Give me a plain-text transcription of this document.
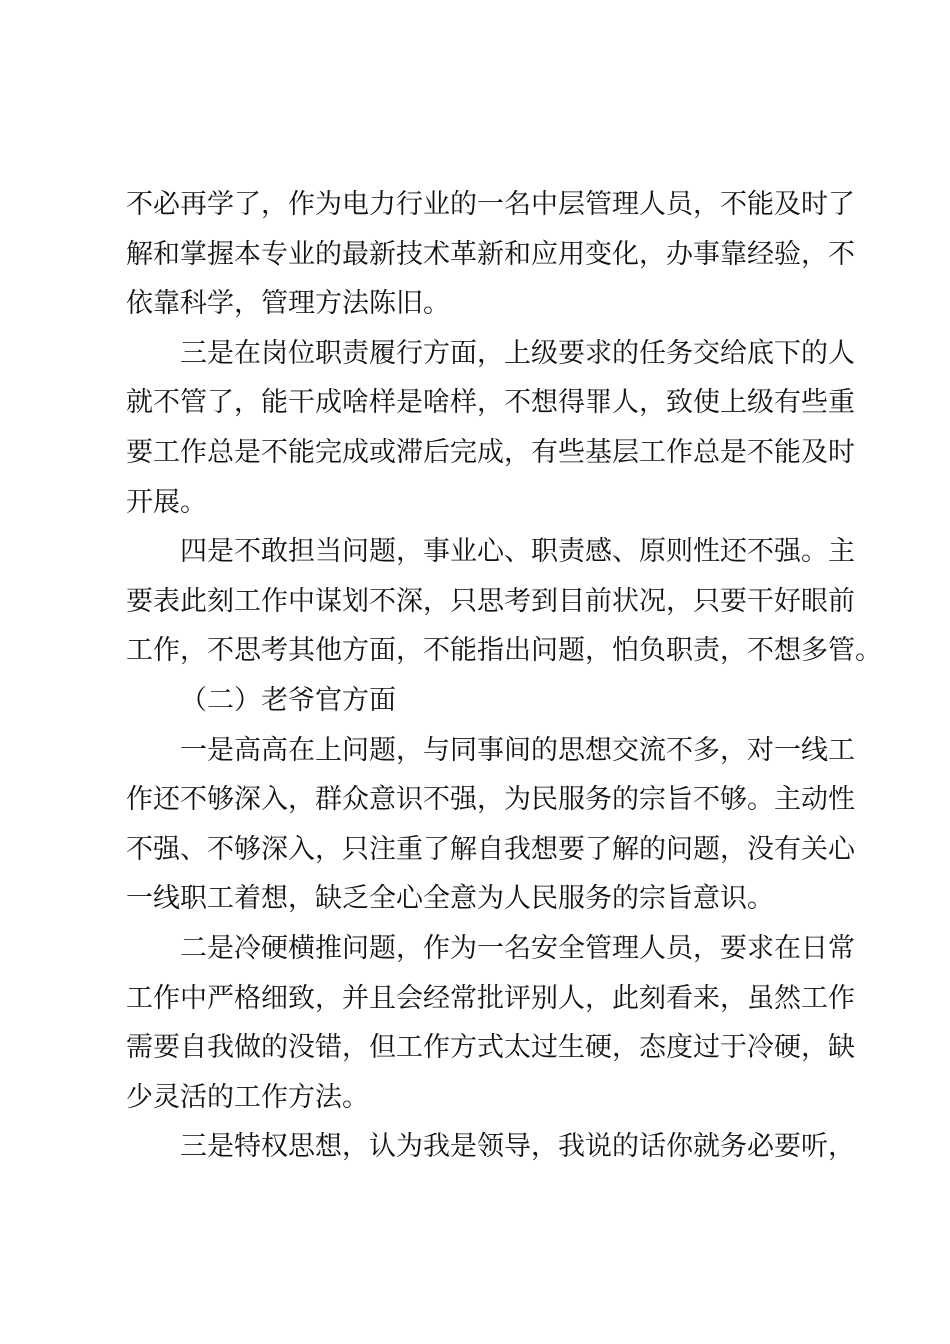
不必再学了，作为电力行业的一名中层管理人员，不能及时了
解和掌握本专业的最新技术革新和应用变化，办事靠经验，不
依靠科学，管理方法陈旧。
三是在岗位职责履行方面，上级要求的任务交给底下的人
就不管了，能干成啥样是啥样，不想得罪人，致使上级有些重
要工作总是不能完成或滞后完成，有些基层工作总是不能及时
开展。
四是不敢担当问题，事业心、职责感、原则性还不强。主
要表此刻工作中谋划不深，只思考到目前状况，只要干好眼前
工作，不思考其他方面，不能指出问题，怕负职责，不想多管。
（二）老爷官方面
一是高高在上问题，与同事间的思想交流不多，对一线工
作还不够深入，群众意识不强，为民服务的宗旨不够。主动性
不强、不够深入，只注重了解自我想要了解的问题，没有关心
一线职工着想，缺乏全心全意为人民服务的宗旨意识。
二是冷硬横推问题，作为一名安全管理人员，要求在日常
工作中严格细致，并且会经常批评别人，此刻看来，虽然工作
需要自我做的没错，但工作方式太过生硬，态度过于冷硬，缺
少灵活的工作方法。
三是特权思想，认为我是领导，我说的话你就务必要听，
